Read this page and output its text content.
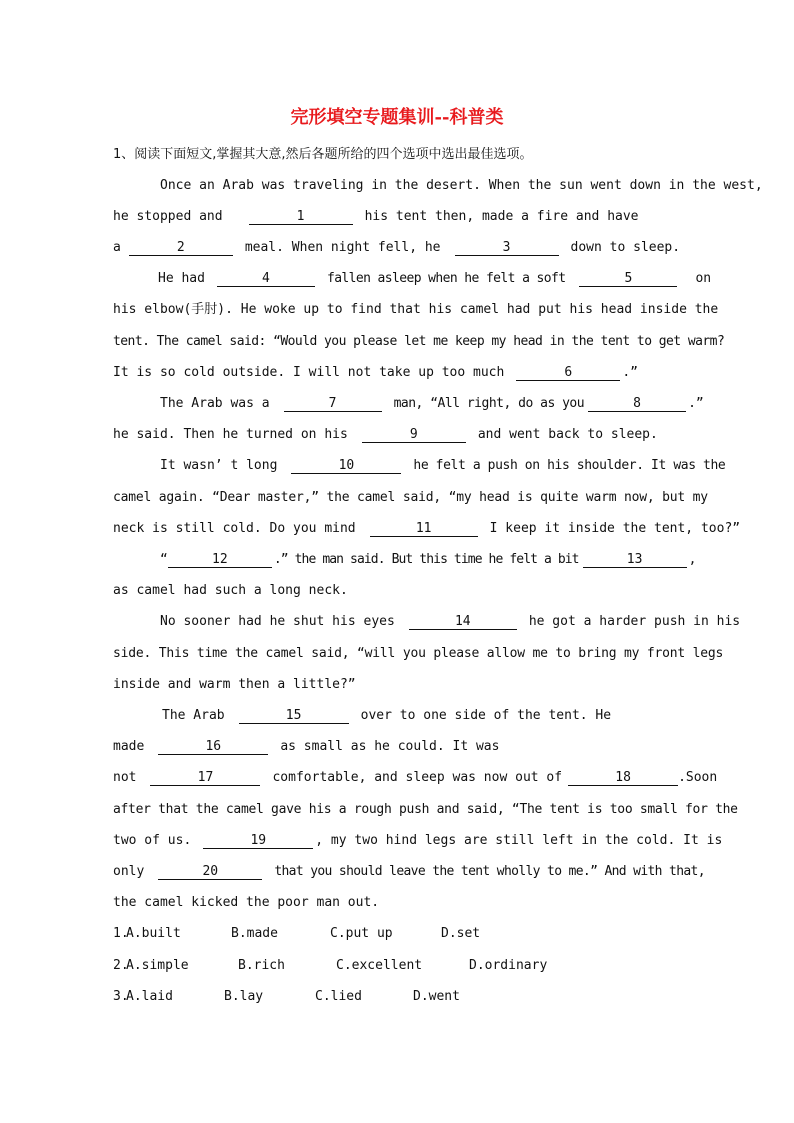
完形填空专题集训--科普类
1、阅读下面短文,掌握其大意,然后各题所给的四个选项中选出最佳选项。
Once an Arab was traveling in the desert. When the sun went down in the west,
he stopped and	1	his tent then, made a fire and have
a	2	meal. When night fell, he	3	down to sleep.
He had	4	fallen asleep when he felt a soft	5	on
his elbow(手肘). He woke up to find that his camel had put his head inside the
tent. The camel said: “Would you please let me keep my head in the tent to get warm?
It is so cold outside. I will not take up too much	6	.”
The Arab was a	7	man, “All right, do as you	8	.”
he said. Then he turned on his	9	and went back to sleep.
It wasn’ t long	10	he felt a push on his shoulder. It was the
camel again. “Dear master,” the camel said, “my head is quite warm now, but my
neck is still cold. Do you mind	11	I keep it inside the tent, too?”
“	12	.” the man said. But this time he felt a bit	13	,
as camel had such a long neck.
No sooner had he shut his eyes	14	he got a harder push in his
side. This time the camel said, “will you please allow me to bring my front legs
inside and warm then a little?”
The Arab	15	over to one side of the tent. He
made	16	as small as he could. It was
not	17	comfortable, and sleep was now out of	18	.Soon
after that the camel gave his a rough push and said, “The tent is too small for the
two of us.	19	, my two hind legs are still left in the cold. It is
only	20	that you should leave the tent wholly to me.” And with that,
the camel kicked the poor man out.
1.
A.built	B.made	C.put up	D.set
2.
A.simple	B.rich	C.excellent	D.ordinary
3.
A.laid	B.lay	C.lied	D.went
